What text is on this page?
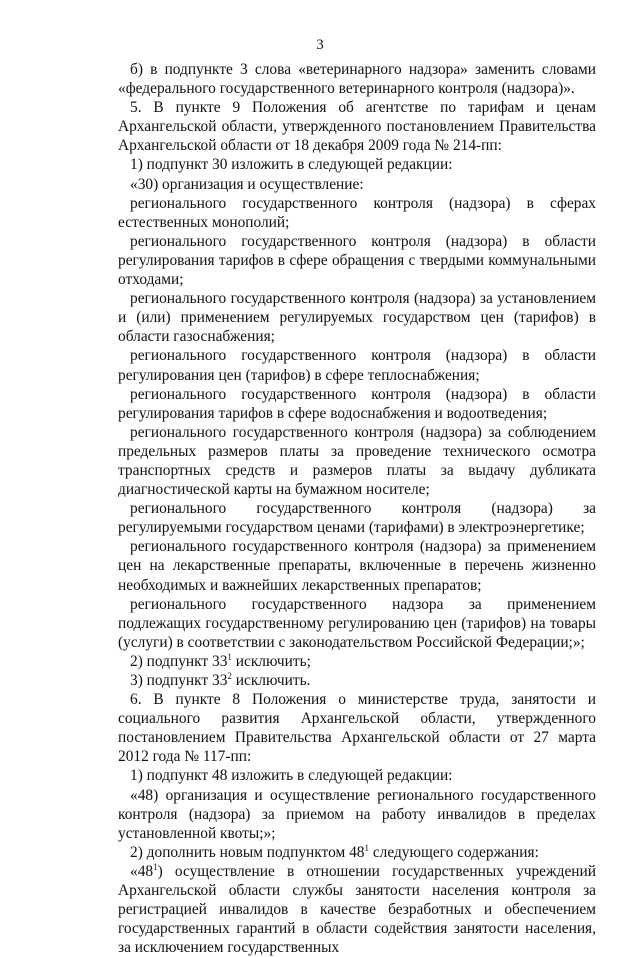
3

б) в подпункте 3 слова «ветеринарного надзора» заменить словами «федерального государственного ветеринарного контроля (надзора)».

5. В пункте 9 Положения об агентстве по тарифам и ценам Архангельской области, утвержденного постановлением Правительства Архангельской области от 18 декабря 2009 года № 214-пп:

1) подпункт 30 изложить в следующей редакции:

«30) организация и осуществление:

регионального государственного контроля (надзора) в сферах естественных монополий;

регионального государственного контроля (надзора) в области регулирования тарифов в сфере обращения с твердыми коммунальными отходами;

регионального государственного контроля (надзора) за установлением и (или) применением регулируемых государством цен (тарифов) в области газоснабжения;

регионального государственного контроля (надзора) в области регулирования цен (тарифов) в сфере теплоснабжения;

регионального государственного контроля (надзора) в области регулирования тарифов в сфере водоснабжения и водоотведения;

регионального государственного контроля (надзора) за соблюдением предельных размеров платы за проведение технического осмотра транспортных средств и размеров платы за выдачу дубликата диагностической карты на бумажном носителе;

регионального государственного контроля (надзора) за регулируемыми государством ценами (тарифами) в электроэнергетике;

регионального государственного контроля (надзора) за применением цен на лекарственные препараты, включенные в перечень жизненно необходимых и важнейших лекарственных препаратов;

регионального государственного надзора за применением подлежащих государственному регулированию цен (тарифов) на товары (услуги) в соответствии с законодательством Российской Федерации;»;

2) подпункт $33^1$ исключить;

3) подпункт $33^2$ исключить.

6. В пункте 8 Положения о министерстве труда, занятости и социального развития Архангельской области, утвержденного постановлением Правительства Архангельской области от 27 марта 2012 года № 117-пп:

1) подпункт 48 изложить в следующей редакции:

«48) организация и осуществление регионального государственного контроля (надзора) за приемом на работу инвалидов в пределах установленной квоты;»;

2) дополнить новым подпунктом $48^1$ следующего содержания:

«$48^1$) осуществление в отношении государственных учреждений Архангельской области службы занятости населения контроля за регистрацией инвалидов в качестве безработных и обеспечением государственных гарантий в области содействия занятости населения, за исключением государственных
